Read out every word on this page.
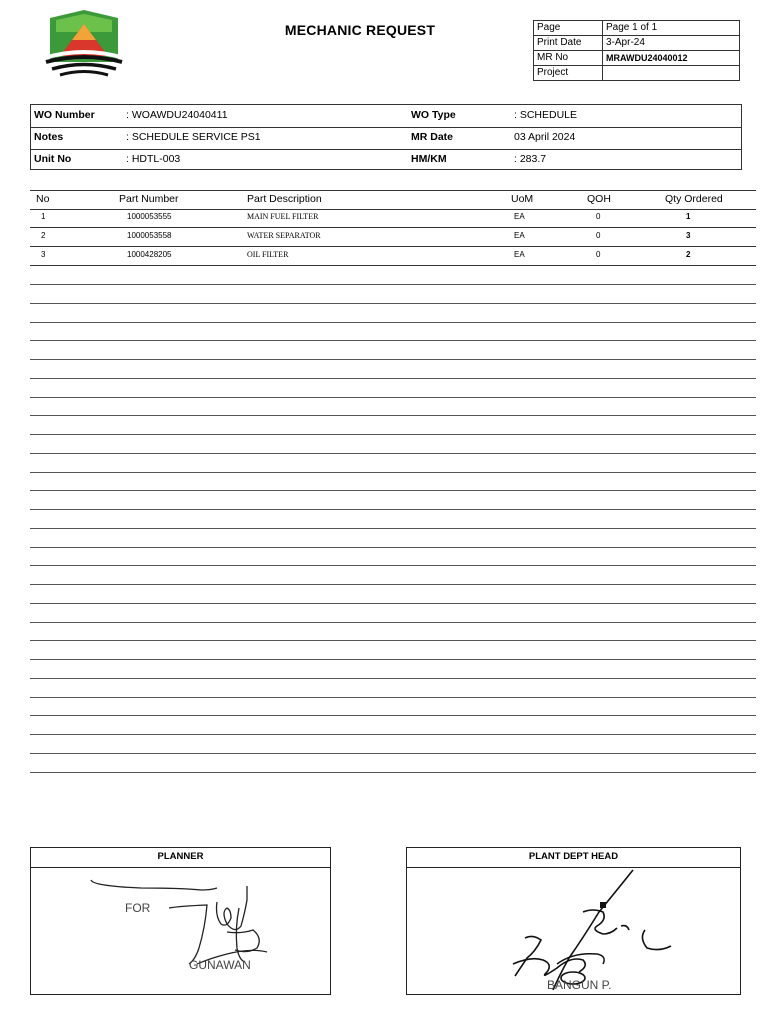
MECHANIC REQUEST	Page	Page 1 of 1
Print Date	3-Apr-24
MR No	MRAWDU24040012
Project	
WO Number	: WOAWDU24040411	WO Type	: SCHEDULE
Notes	: SCHEDULE SERVICE PS1	MR Date	03 April 2024
Unit No	: HDTL-003	HM/KM	: 283.7
No	Part Number	Part Description	UoM	QOH	Qty Ordered
1	1000053555	MAIN FUEL FILTER	EA	0	1
2	1000053558	WATER SEPARATOR	EA	0	3
3	1000428205	OIL FILTER	EA	0	2
PLANNER
FOR
GUNAWAN
PLANT DEPT HEAD
BANGUN P.
